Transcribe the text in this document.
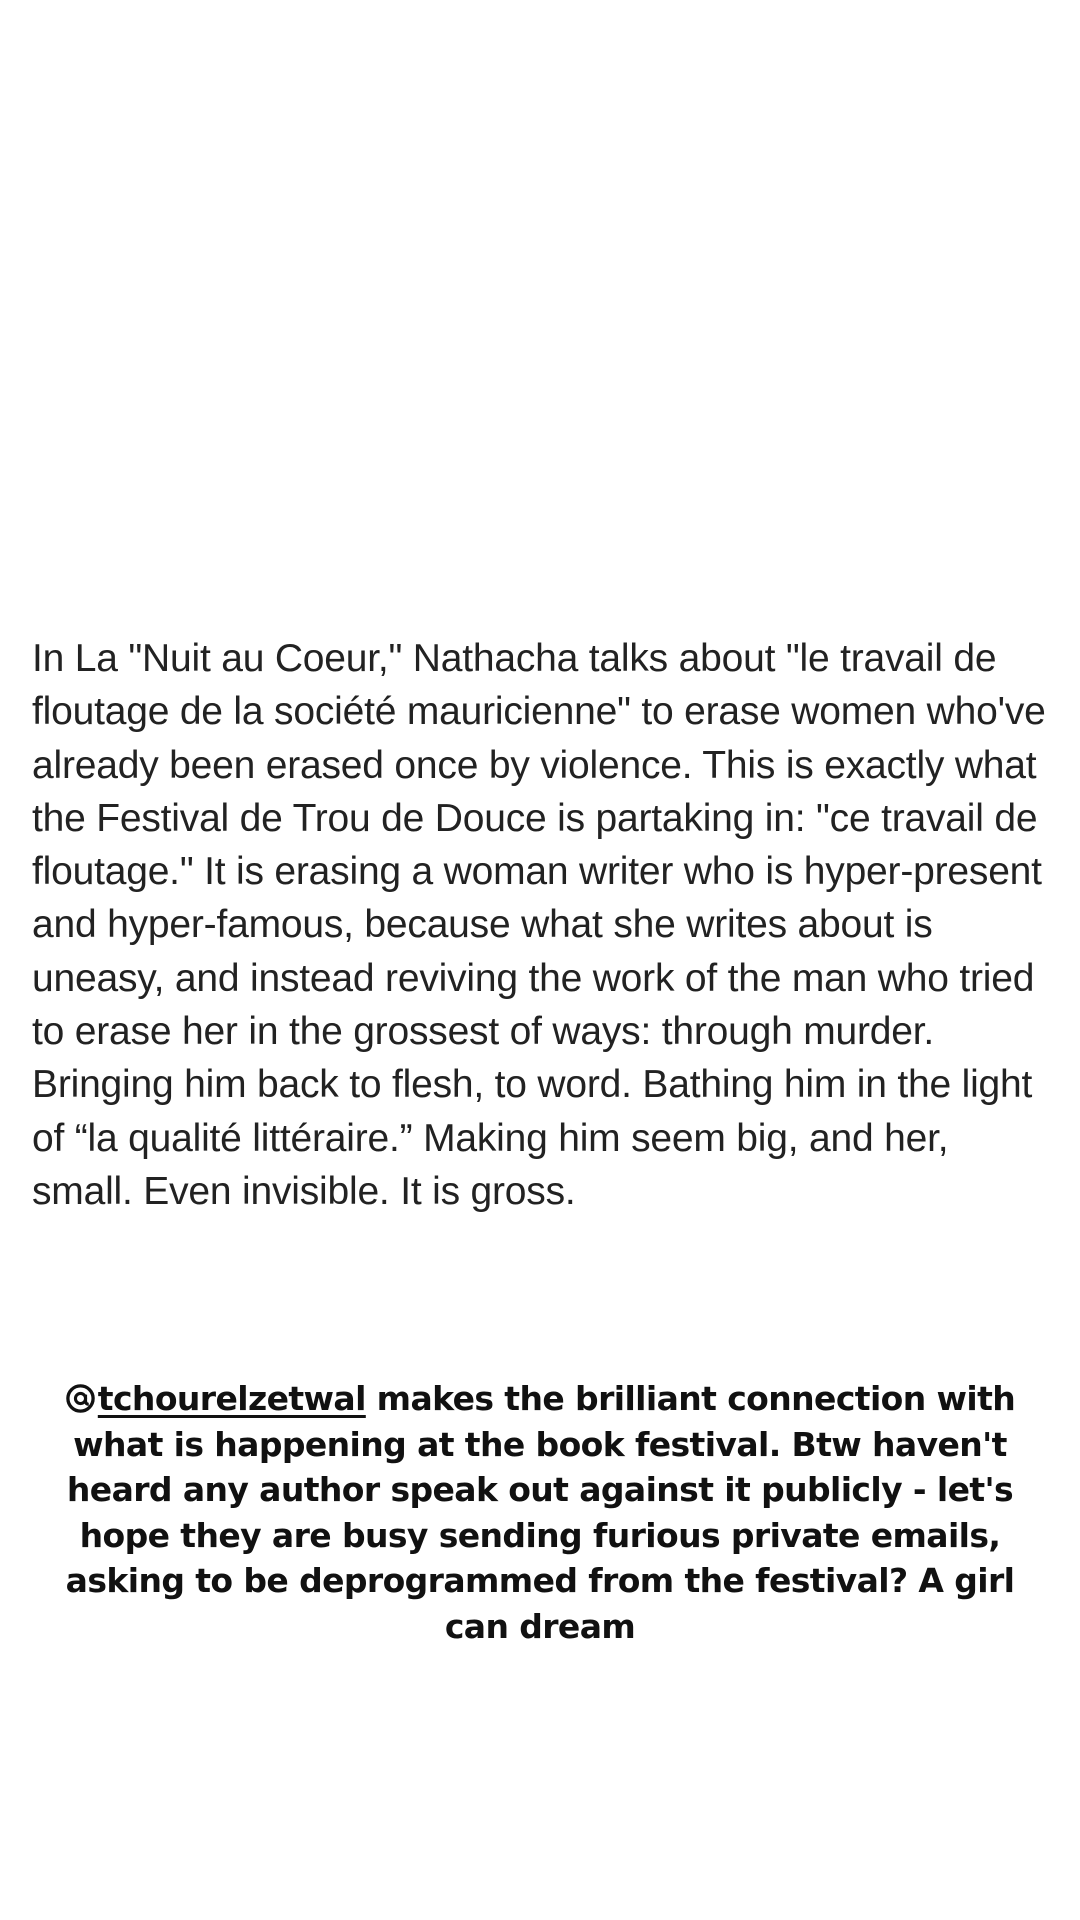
In La "Nuit au Coeur," Nathacha talks about "le travail de floutage de la société mauricienne" to erase women who've already been erased once by violence. This is exactly what the Festival de Trou de Douce is partaking in: "ce travail de floutage." It is erasing a woman writer who is hyper-present and hyper-famous, because what she writes about is uneasy, and instead reviving the work of the man who tried to erase her in the grossest of ways: through murder. Bringing him back to flesh, to word. Bathing him in the light of “la qualité littéraire.” Making him seem big, and her, small. Even invisible. It is gross.
tchourelzetwal makes the brilliant connection with what is happening at the book festival. Btw haven't heard any author speak out against it publicly - let's hope they are busy sending furious private emails, asking to be deprogrammed from the festival? A girl can dream
